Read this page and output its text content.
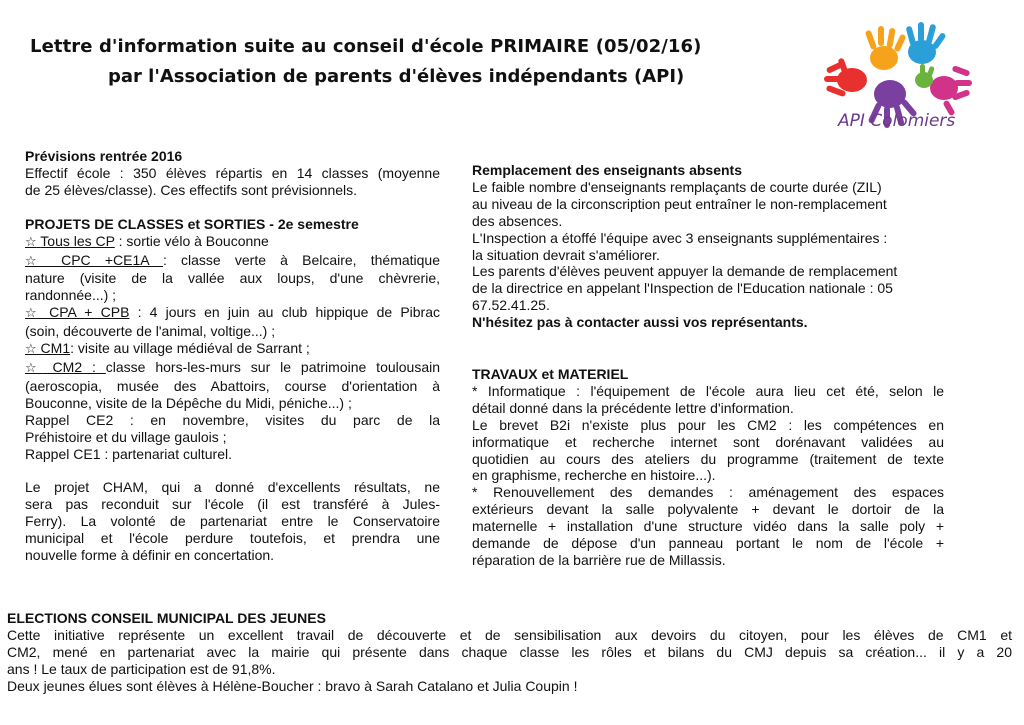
Lettre d'information suite au conseil d'école PRIMAIRE (05/02/16)
par l'Association de parents d'élèves indépendants (API)
API Colomiers
Prévisions rentrée 2016
Effectif école : 350 élèves répartis en 14 classes (moyenne
de 25 élèves/classe). Ces effectifs sont prévisionnels.
PROJETS DE CLASSES et SORTIES - 2e semestre
☆ Tous les CP : sortie vélo à Bouconne
☆ CPC +CE1A : classe verte à Belcaire, thématique
nature (visite de la vallée aux loups, d'une chèvrerie,
randonnée...) ;
☆ CPA + CPB : 4 jours en juin au club hippique de Pibrac
(soin, découverte de l'animal, voltige...) ;
☆ CM1: visite au village médiéval de Sarrant ;
☆ CM2 : classe hors-les-murs sur le patrimoine toulousain
(aeroscopia, musée des Abattoirs, course d'orientation à
Bouconne, visite de la Dépêche du Midi, péniche...) ;
Rappel CE2 : en novembre, visites du parc de la
Préhistoire et du village gaulois ;
Rappel CE1 : partenariat culturel.
Le projet CHAM, qui a donné d'excellents résultats, ne
sera pas reconduit sur l'école (il est transféré à Jules-
Ferry). La volonté de partenariat entre le Conservatoire
municipal et l'école perdure toutefois, et prendra une
nouvelle forme à définir en concertation.
Remplacement des enseignants absents
Le faible nombre d'enseignants remplaçants de courte durée (ZIL)
au niveau de la circonscription peut entraîner le non-remplacement
des absences.
L'Inspection a étoffé l'équipe avec 3 enseignants supplémentaires :
la situation devrait s'améliorer.
Les parents d'élèves peuvent appuyer la demande de remplacement
de la directrice en appelant l'Inspection de l'Education nationale : 05
67.52.41.25.
N'hésitez pas à contacter aussi vos représentants.
TRAVAUX et MATERIEL
* Informatique : l'équipement de l'école aura lieu cet été, selon le
détail donné dans la précédente lettre d'information.
Le brevet B2i n'existe plus pour les CM2 : les compétences en
informatique et recherche internet sont dorénavant validées au
quotidien au cours des ateliers du programme (traitement de texte
en graphisme, recherche en histoire...).
* Renouvellement des demandes : aménagement des espaces
extérieurs devant la salle polyvalente + devant le dortoir de la
maternelle + installation d'une structure vidéo dans la salle poly +
demande de dépose d'un panneau portant le nom de l'école +
réparation de la barrière rue de Millassis.
ELECTIONS CONSEIL MUNICIPAL DES JEUNES
Cette initiative représente un excellent travail de découverte et de sensibilisation aux devoirs du citoyen, pour les élèves de CM1 et
CM2, mené en partenariat avec la mairie qui présente dans chaque classe les rôles et bilans du CMJ depuis sa création... il y a 20
ans ! Le taux de participation est de 91,8%.
Deux jeunes élues sont élèves à Hélène-Boucher : bravo à Sarah Catalano et Julia Coupin !
